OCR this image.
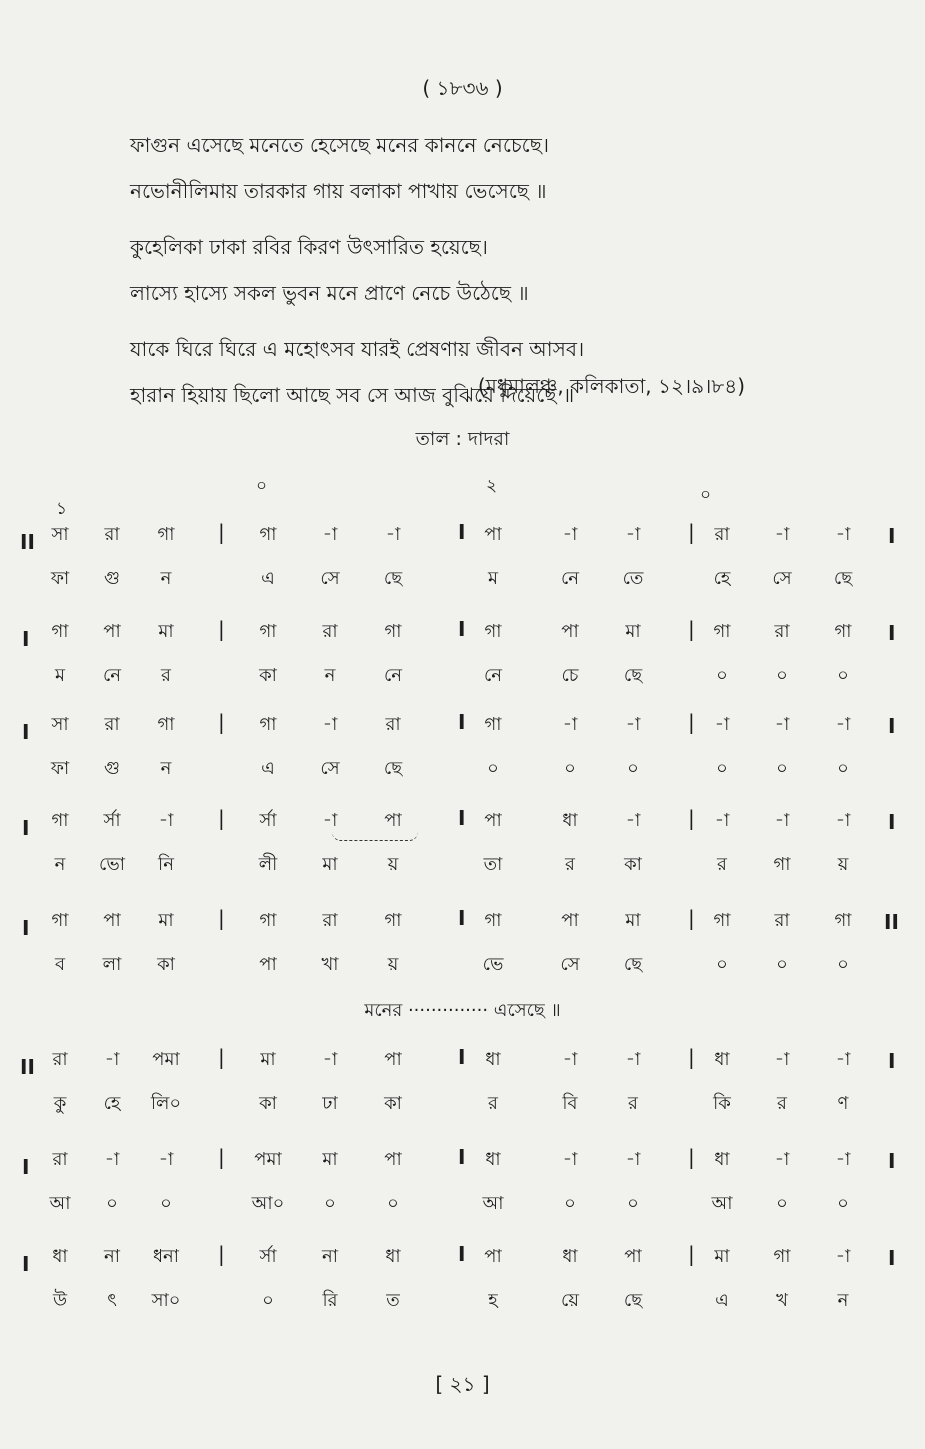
( ১৮৩৬ )
ফাগুন এসেছে মনেতে হেসেছে মনের কাননে নেচেছে।
নভোনীলিমায় তারকার গায় বলাকা পাখায় ভেসেছে ॥
কুহেলিকা ঢাকা রবির কিরণ উৎসারিত হয়েছে।
লাস্যে হাস্যে সকল ভুবন মনে প্রাণে নেচে উঠেছে ॥
যাকে ঘিরে ঘিরে এ মহোৎসব যারই প্রেষণায় জীবন আসব।
হারান হিয়ায় ছিলো আছে সব সে আজ বুঝিয়ে দিয়েছে ॥
(মধুমালঞ্চ, কলিকাতা, ১২।৯।৮৪)
তাল : দাদরা
১
০	২	০
II	I
|	I	|
সা	রা	গা	গা	-া	-া	পা	-া	-া	রা	-া	-া
ফা	গু	ন	এ	সে	ছে	ম	নে	তে	হে	সে	ছে
I	I
|	I	|
গা	পা	মা	গা	রা	গা	গা	পা	মা	গা	রা	গা
ম	নে	র	কা	ন	নে	নে	চে	ছে	০	০	০
I	I
|	I	|
সা	রা	গা	গা	-া	রা	গা	-া	-া	-া	-া	-া
ফা	গু	ন	এ	সে	ছে	০	০	০	০	০	০
I	I
|	I	|
গা	র্সা	-া	র্সা	-া	পা	পা	ধা	-া	-া	-া	-া
ন	ভো	নি	লী	মা	য়	তা	র	কা	র	গা	য়
I	II
|	I	|
গা	পা	মা	গা	রা	গা	গা	পা	মা	গা	রা	গা
ব	লা	কা	পা	খা	য়	ভে	সে	ছে	০	০	০
II	I
|	I	|
রা	-া	পমা	মা	-া	পা	ধা	-া	-া	ধা	-া	-া
কু	হে	লি০	কা	ঢা	কা	র	বি	র	কি	র	ণ
I	I
|	I	|
রা	-া	-া	পমা	মা	পা	ধা	-া	-া	ধা	-া	-া
আ	০	০	আ০	০	০	আ	০	০	আ	০	০
I	I
|	I	|
ধা	না	ধনা	র্সা	না	ধা	পা	ধা	পা	মা	গা	-া
উ	ৎ	সা০	০	রি	ত	হ	য়ে	ছে	এ	খ	ন
মনের ·············· এসেছে ॥
[ ২১ ]
